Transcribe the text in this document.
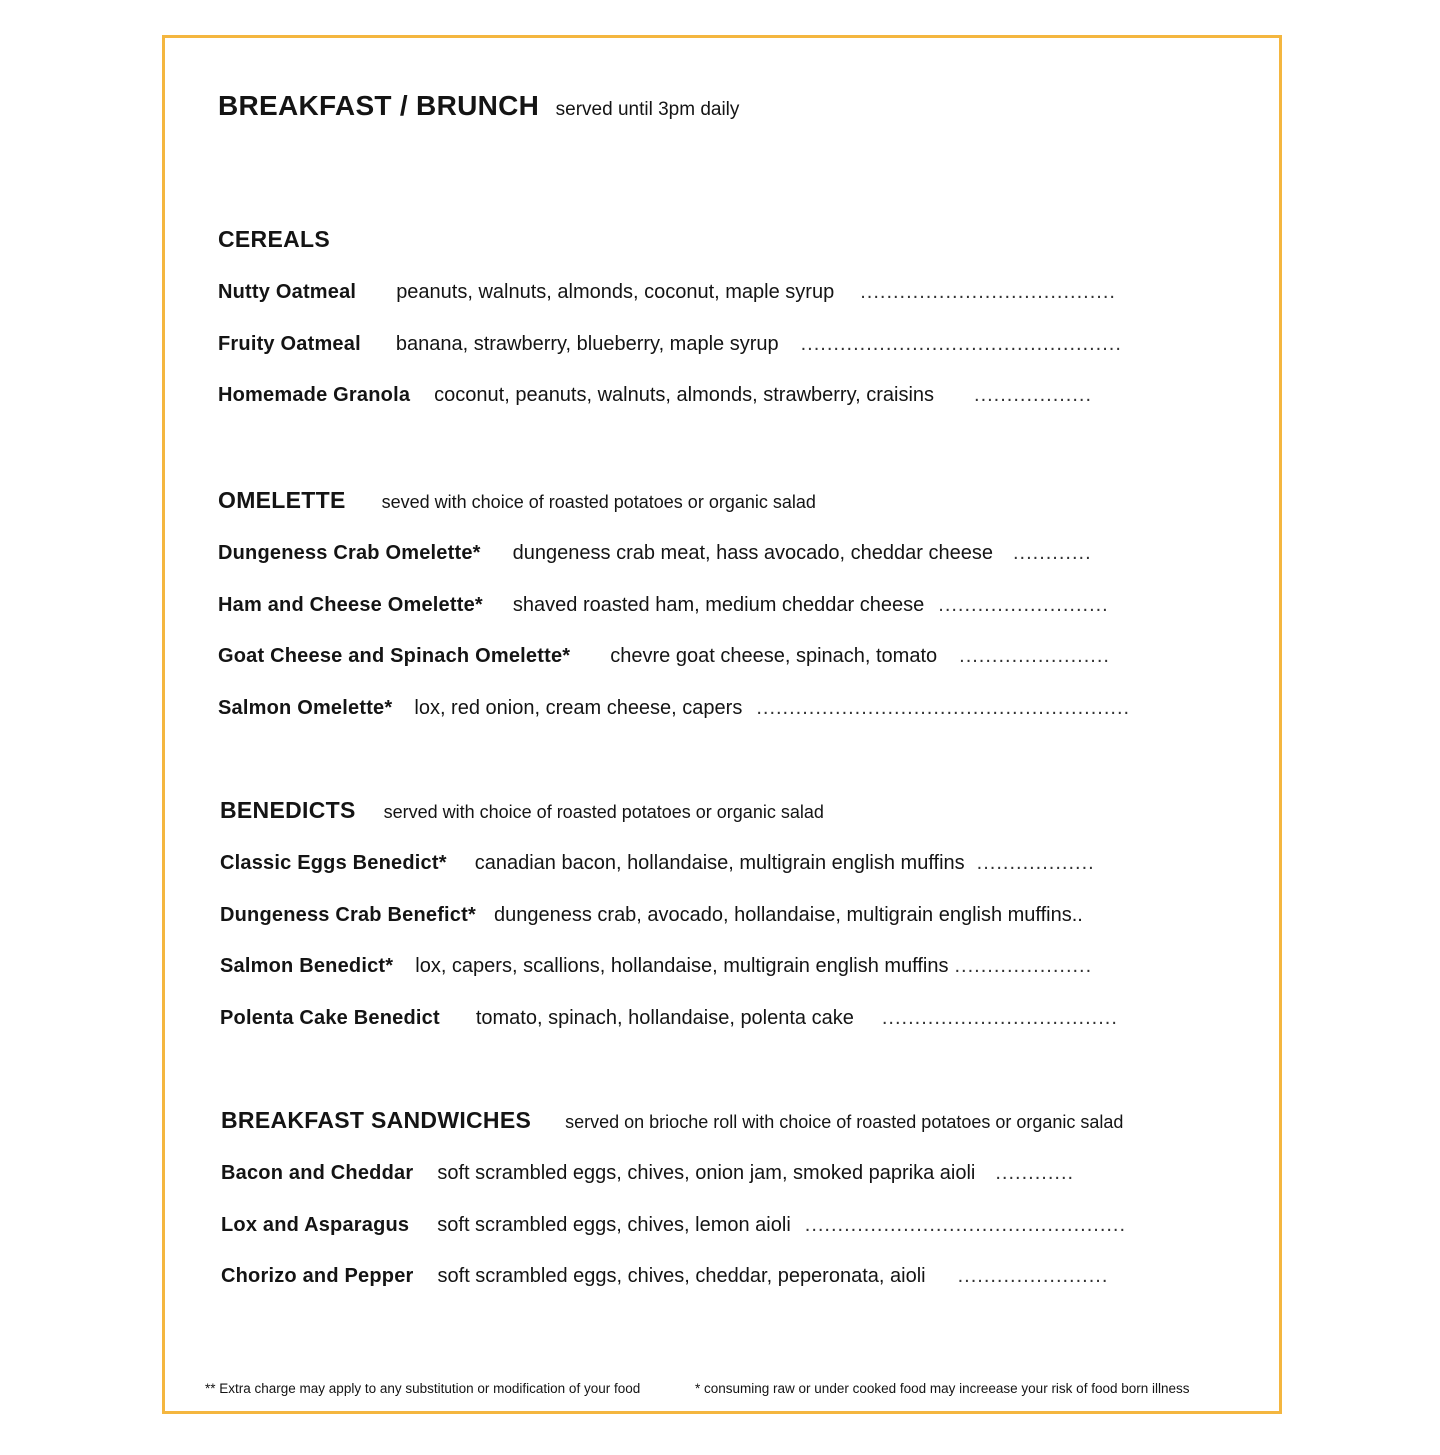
BREAKFAST / BRUNCH served until 3pm daily
CEREALS
Nutty Oatmeal peanuts, walnuts, almonds, coconut, maple syrup .......................................
Fruity Oatmeal banana, strawberry, blueberry, maple syrup .................................................
Homemade Granola coconut, peanuts, walnuts, almonds, strawberry, craisins ..................
OMELETTE seved with choice of roasted potatoes or organic salad
Dungeness Crab Omelette* dungeness crab meat, hass avocado, cheddar cheese ............
Ham and Cheese Omelette* shaved roasted ham, medium cheddar cheese ..........................
Goat Cheese and Spinach Omelette* chevre goat cheese, spinach, tomato .......................
Salmon Omelette* lox, red onion, cream cheese, capers .........................................................
BENEDICTS served with choice of roasted potatoes or organic salad
Classic Eggs Benedict* canadian bacon, hollandaise, multigrain english muffins ..................
Dungeness Crab Benefict* dungeness crab, avocado, hollandaise, multigrain english muffins..
Salmon Benedict* lox, capers, scallions, hollandaise, multigrain english muffins .....................
Polenta Cake Benedict tomato, spinach, hollandaise, polenta cake ....................................
BREAKFAST SANDWICHES served on brioche roll with choice of roasted potatoes or organic salad
Bacon and Cheddar soft scrambled eggs, chives, onion jam, smoked paprika aioli ............
Lox and Asparagus soft scrambled eggs, chives, lemon aioli .................................................
Chorizo and Pepper soft scrambled eggs, chives, cheddar, peperonata, aioli .......................
** Extra charge may apply to any substitution or modification of your food	* consuming raw or under cooked food may increease your risk of food born illness
